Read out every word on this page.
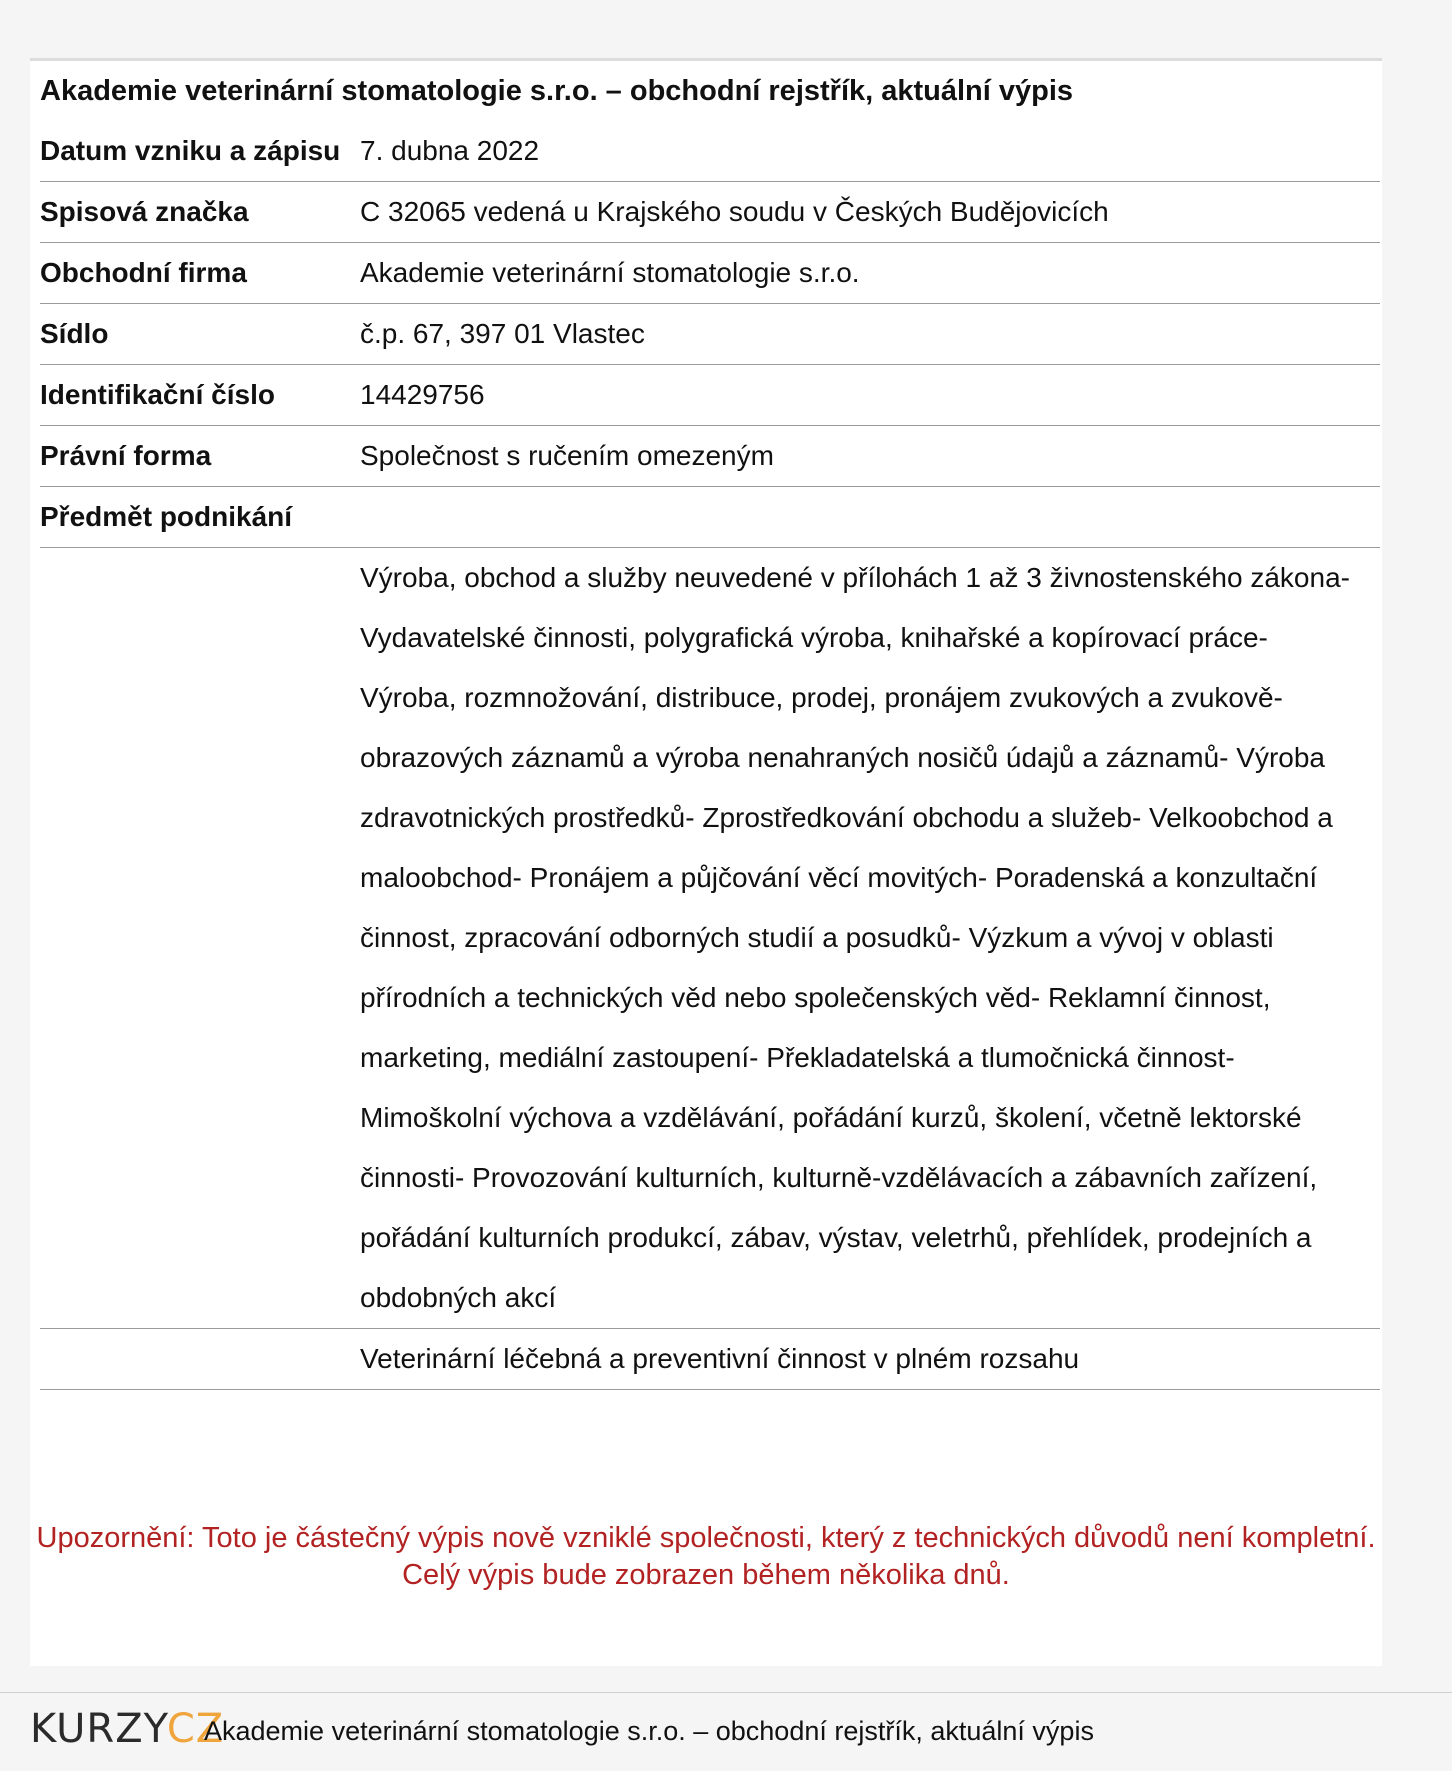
Akademie veterinární stomatologie s.r.o. – obchodní rejstřík, aktuální výpis
Datum vzniku a zápisu	7. dubna 2022
Spisová značka	C 32065 vedená u Krajského soudu v Českých Budějovicích
Obchodní firma	Akademie veterinární stomatologie s.r.o.
Sídlo	č.p. 67, 397 01 Vlastec
Identifikační číslo	14429756
Právní forma	Společnost s ručením omezeným
Předmět podnikání	
	Výroba, obchod a služby neuvedené v přílohách 1 až 3 živnostenského zákona- Vydavatelské činnosti, polygrafická výroba, knihařské a kopírovací práce- Výroba, rozmnožování, distribuce, prodej, pronájem zvukových a zvukově-obrazových záznamů a výroba nenahraných nosičů údajů a záznamů- Výroba zdravotnických prostředků- Zprostředkování obchodu a služeb- Velkoobchod a maloobchod- Pronájem a půjčování věcí movitých- Poradenská a konzultační činnost, zpracování odborných studií a posudků- Výzkum a vývoj v oblasti přírodních a technických věd nebo společenských věd- Reklamní činnost, marketing, mediální zastoupení- Překladatelská a tlumočnická činnost- Mimoškolní výchova a vzdělávání, pořádání kurzů, školení, včetně lektorské činnosti- Provozování kulturních, kulturně-vzdělávacích a zábavních zařízení, pořádání kulturních produkcí, zábav, výstav, veletrhů, přehlídek, prodejních a obdobných akcí
	Veterinární léčebná a preventivní činnost v plném rozsahu
Upozornění: Toto je částečný výpis nově vzniklé společnosti, který z technických důvodů není kompletní. Celý výpis bude zobrazen během několika dnů.
KURZYCZ
Akademie veterinární stomatologie s.r.o. – obchodní rejstřík, aktuální výpis
